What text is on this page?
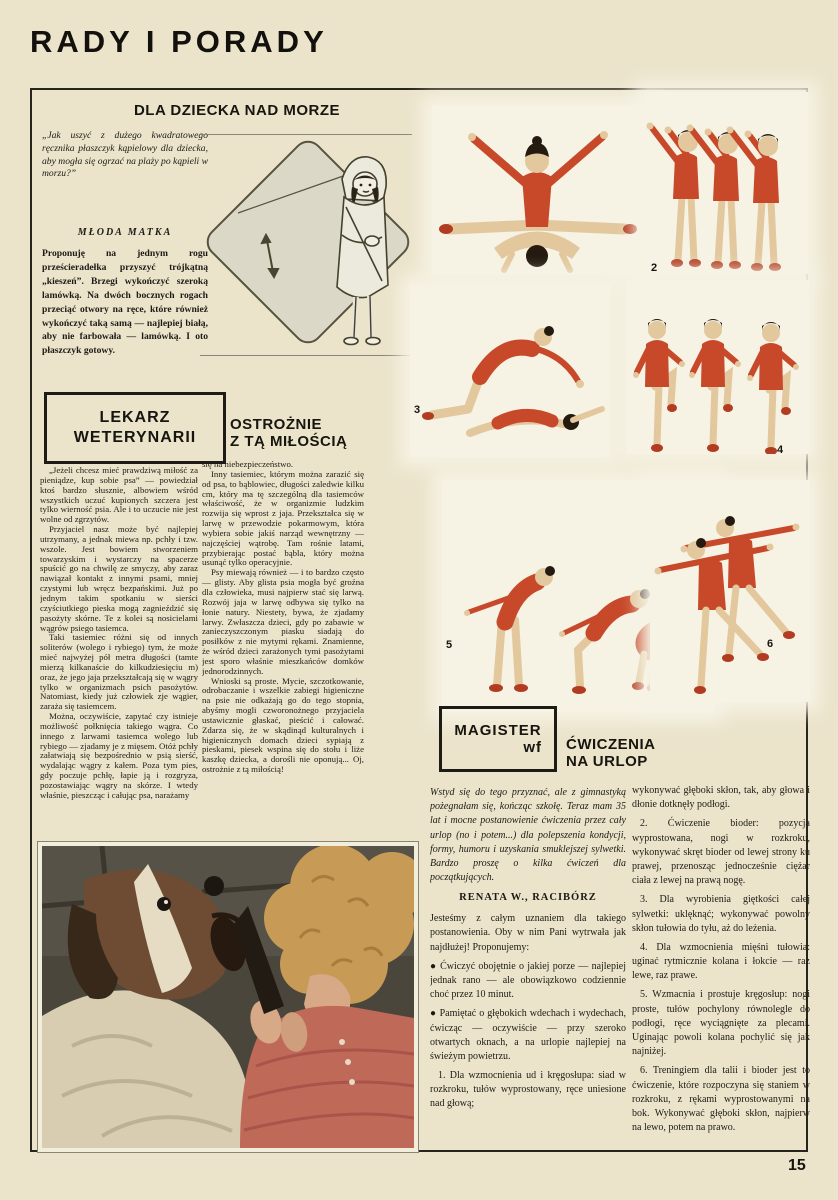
RADY I PORADY
DLA DZIECKA NAD MORZE
„Jak uszyć z dużego kwadratowego ręcznika płaszczyk kąpielowy dla dziecka, aby mogła się ogrzać na plaży po kąpieli w morzu?”
MŁODA MATKA
Proponuję na jednym rogu prześcieradełka przyszyć trójkątną „kieszeń”. Brzegi wykończyć szeroką lamówką. Na dwóch bocznych rogach przeciąć otwory na ręce, które również wykończyć taką samą — najlepiej białą, aby nie farbowała — lamówką. I oto płaszczyk gotowy.
2
3
4
5	6
LEKARZ
WETERYNARII
OSTROŻNIE
Z TĄ MIŁOŚCIĄ

„Jeżeli chcesz mieć prawdziwą miłość za pieniądze, kup sobie psa” — powiedział ktoś bardzo słusznie, albowiem wśród wszystkich uczuć kupionych szczera jest tylko wierność psia. Ale i to uczucie nie jest wolne od zgrzytów.

Przyjaciel nasz może być najlepiej utrzymany, a jednak miewa np. pchły i tzw. wszole. Jest bowiem stworzeniem towarzyskim i wystarczy na spacerze spuścić go na chwilę ze smyczy, aby zaraz nawiązał kontakt z innymi psami, mniej czystymi lub wręcz bezpańskimi. Już po jednym takim spotkaniu w sierści czyściutkiego pieska mogą zagnieździć się pasożyty skórne. Te z kolei są nosicielami wągrów psiego tasiemca.

Taki tasiemiec różni się od innych soliterów (wolego i rybiego) tym, że może mieć najwyżej pół metra długości (tamte mierzą kilkanaście do kilkudziesięciu m) oraz, że jego jaja przekształcają się w wągry tylko w organizmach psich pasożytów. Natomiast, kiedy już człowiek zje wągier, zaraża się tasiemcem.

Można, oczywiście, zapytać czy istnieje możliwość połknięcia takiego wągra. Co innego z larwami tasiemca wolego lub rybiego — zjadamy je z mięsem. Otóż pchły załatwiają się bezpośrednio w psią sierść, wydalając wągry z kałem. Poza tym pies, gdy poczuje pchłę, łapie ją i rozgryza, pozostawiając wągry na skórze. I wtedy właśnie, pieszcząc i całując psa, narażamy

się na niebezpieczeństwo.

Inny tasiemiec, którym można zarazić się od psa, to bąblowiec, długości zaledwie kilku cm, który ma tę szczególną dla tasiemców właściwość, że w organizmie ludzkim rozwija się wprost z jaja. Przekształca się w larwę w przewodzie pokarmowym, która wybiera sobie jakiś narząd wewnętrzny — najczęściej wątrobę. Tam rośnie latami, przybierając postać bąbla, który można usunąć tylko operacyjnie.

Psy miewają również — i to bardzo często — glisty. Aby glista psia mogła być groźna dla człowieka, musi najpierw stać się larwą. Rozwój jaja w larwę odbywa się tylko na łonie natury. Niestety, bywa, że zjadamy larwy. Zwłaszcza dzieci, gdy po zabawie w zanieczyszczonym piasku siadają do posiłków z nie mytymi rękami. Znamienne, że wśród dzieci zarażonych tymi pasożytami jest sporo właśnie mieszkańców domków jednorodzinnych.

Wnioski są proste. Mycie, szczotkowanie, odrobaczanie i wszelkie zabiegi higieniczne na psie nie odkażają go do tego stopnia, abyśmy mogli czworonożnego przyjaciela ustawicznie głaskać, pieścić i całować. Zdarza się, że w skądinąd kulturalnych i higienicznych domach dzieci sypiają z pieskami, piesek wspina się do stołu i liże kaszkę dziecka, a dorośli nie oponują... Oj, ostrożnie z tą miłością!

MAGISTER
wf	ĆWICZENIA
NA URLOP

Wstyd się do tego przyznać, ale z gimnastyką pożegnałam się, kończąc szkołę. Teraz mam 35 lat i mocne postanowienie ćwiczenia przez cały urlop (no i potem...) dla polepszenia kondycji, formy, humoru i uzyskania smuklejszej sylwetki. Bardzo proszę o kilka ćwiczeń dla początkujących.

RENATA W., RACIBÓRZ

Jesteśmy z całym uznaniem dla takiego postanowienia. Oby w nim Pani wytrwała jak najdłużej! Proponujemy:

● Ćwiczyć obojętnie o jakiej porze — najlepiej jednak rano — ale obowiązkowo codziennie choć przez 10 minut.

● Pamiętać o głębokich wdechach i wydechach, ćwicząc — oczywiście — przy szeroko otwartych oknach, a na urlopie najlepiej na świeżym powietrzu.

1. Dla wzmocnienia ud i kręgosłupa: siad w rozkroku, tułów wyprostowany, ręce uniesione nad głową;

wykonywać głęboki skłon, tak, aby głowa i dłonie dotknęły podłogi.

2. Ćwiczenie bioder: pozycja wyprostowana, nogi w rozkroku, wykonywać skręt bioder od lewej strony ku prawej, przenosząc jednocześnie ciężar ciała z lewej na prawą nogę.

3. Dla wyrobienia giętkości całej sylwetki: uklęknąć; wykonywać powolny skłon tułowia do tyłu, aż do leżenia.

4. Dla wzmocnienia mięśni tułowia: uginać rytmicznie kolana i łokcie — raz lewe, raz prawe.

5. Wzmacnia i prostuje kręgosłup: nogi proste, tułów pochylony równolegle do podłogi, ręce wyciągnięte za plecami. Uginając powoli kolana pochylić się jak najniżej.

6. Treningiem dla talii i bioder jest to ćwiczenie, które rozpoczyna się staniem w rozkroku, z rękami wyprostowanymi na bok. Wykonywać głęboki skłon, najpierw na lewo, potem na prawo.

15
